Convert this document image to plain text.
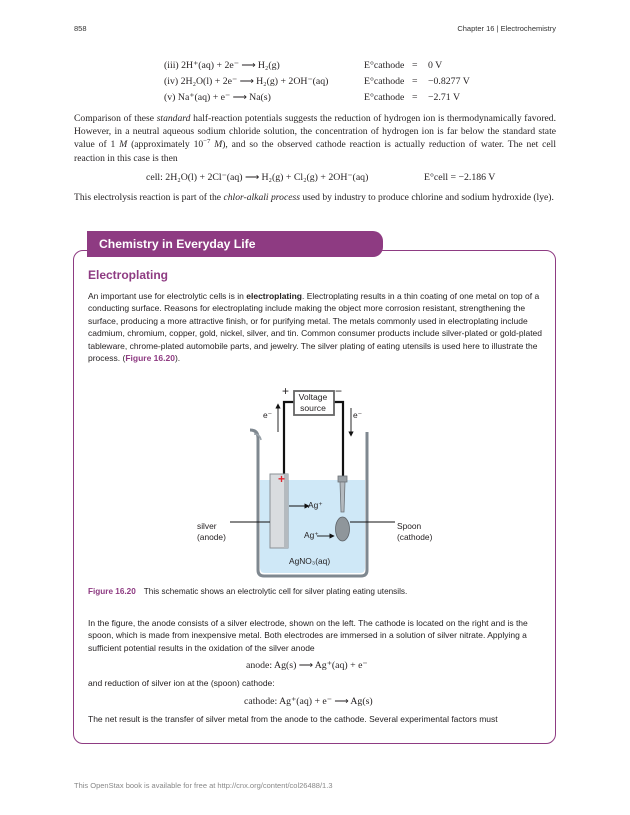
858	Chapter 16 | Electrochemistry
(iii) 2H⁺(aq) + 2e⁻ ⟶ H₂(g)	E°cathode = 0 V
(iv) 2H₂O(l) + 2e⁻ ⟶ H₂(g) + 2OH⁻(aq)	E°cathode = −0.8277 V
(v) Na⁺(aq) + e⁻ ⟶ Na(s)	E°cathode = −2.71 V

Comparison of these standard half-reaction potentials suggests the reduction of hydrogen ion is thermodynamically favored. However, in a neutral aqueous sodium chloride solution, the concentration of hydrogen ion is far below the standard state value of 1 M (approximately $10^{-7}$ M), and so the observed cathode reaction is actually reduction of water. The net cell reaction in this case is then

cell: 2H₂O(l) + 2Cl⁻(aq) ⟶ H₂(g) + Cl₂(g) + 2OH⁻(aq)	E°cell = −2.186 V

This electrolysis reaction is part of the chlor-alkali process used by industry to produce chlorine and sodium hydroxide (lye).

Chemistry in Everyday Life
Electroplating

An important use for electrolytic cells is in electroplating. Electroplating results in a thin coating of one metal on top of a conducting surface. Reasons for electroplating include making the object more corrosion resistant, strengthening the surface, producing a more attractive finish, or for purifying metal. The metals commonly used in electroplating include cadmium, chromium, copper, gold, nickel, silver, and tin. Common consumer products include silver-plated or gold-plated tableware, chrome-plated automobile parts, and jewelry. The silver plating of eating utensils is used here to illustrate the process. (Figure 16.20).

Voltage
source
+	−
e⁻	e⁻
+
Ag⁺
Ag⁺
AgNO₃(aq)
silver
(anode)
Spoon
(cathode)
Figure 16.20 This schematic shows an electrolytic cell for silver plating eating utensils.

In the figure, the anode consists of a silver electrode, shown on the left. The cathode is located on the right and is the spoon, which is made from inexpensive metal. Both electrodes are immersed in a solution of silver nitrate. Applying a sufficient potential results in the oxidation of the silver anode

anode: Ag(s) ⟶ Ag⁺(aq) + e⁻

and reduction of silver ion at the (spoon) cathode:

cathode: Ag⁺(aq) + e⁻ ⟶ Ag(s)

The net result is the transfer of silver metal from the anode to the cathode. Several experimental factors must

This OpenStax book is available for free at http://cnx.org/content/col26488/1.3
